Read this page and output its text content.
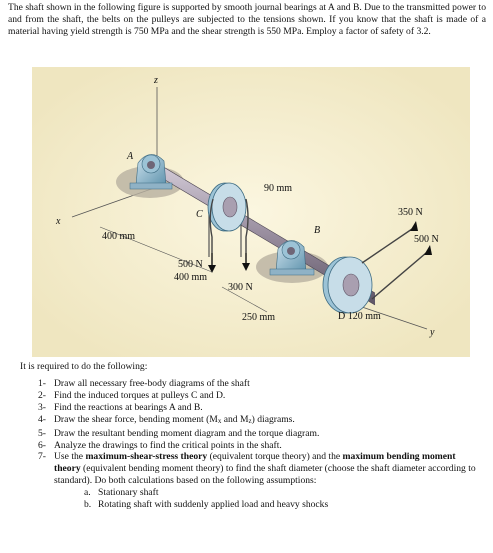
The shaft shown in the following figure is supported by smooth journal bearings at A and B. Due to the transmitted power to and from the shaft, the belts on the pulleys are subjected to the tensions shown. If you know that the shaft is made of a material having yield strength is 750 MPa and the shear strength is 550 MPa. Employ a factor of safety of 3.2.
z
x
y
A
B
C
D 120 mm
90 mm
400 mm
400 mm
250 mm
500 N
300 N
350 N
500 N
It is required to do the following:
1- Draw all necessary free-body diagrams of the shaft
2- Find the induced torques at pulleys C and D.
3- Find the reactions at bearings A and B.
4- Draw the shear force, bending moment (Mx and Mz) diagrams.
5- Draw the resultant bending moment diagram and the torque diagram.
6- Analyze the drawings to find the critical points in the shaft.
7- Use the maximum-shear-stress theory (equivalent torque theory) and the maximum bending moment theory (equivalent bending moment theory) to find the shaft diameter (choose the shaft diameter according to standard). Do both calculations based on the following assumptions:
a. Stationary shaft
b. Rotating shaft with suddenly applied load and heavy shocks
